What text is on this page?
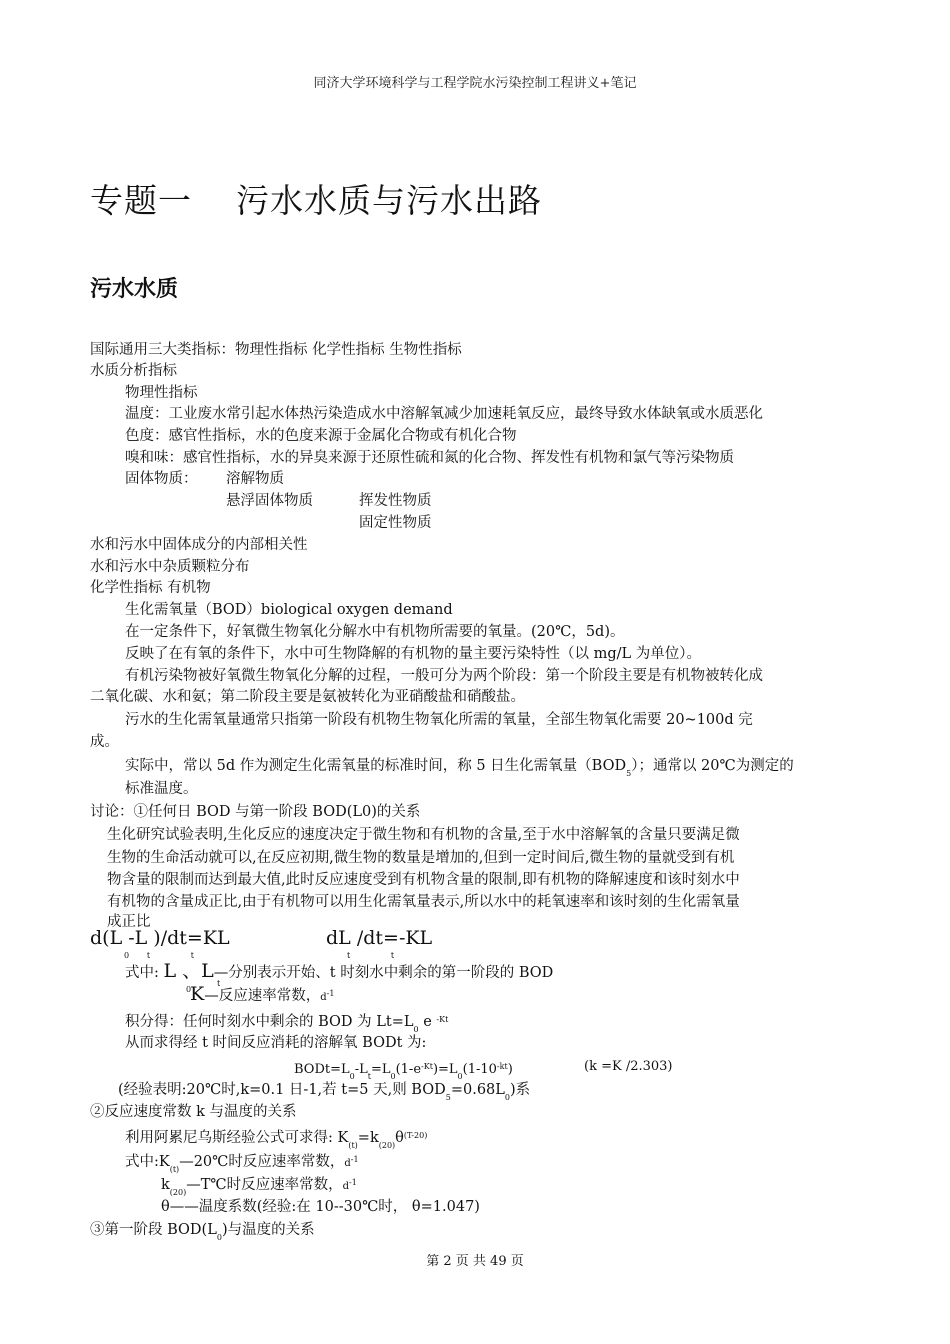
同济大学环境科学与工程学院水污染控制工程讲义+笔记
专题一 污水水质与污水出路
污水水质
国际通用三大类指标：物理性指标 化学性指标 生物性指标
水质分析指标
物理性指标
温度：工业废水常引起水体热污染造成水中溶解氧减少加速耗氧反应，最终导致水体缺氧或水质恶化
色度：感官性指标，水的色度来源于金属化合物或有机化合物
嗅和味：感官性指标，水的异臭来源于还原性硫和氮的化合物、挥发性有机物和氯气等污染物质
固体物质： 溶解物质
悬浮固体物质	挥发性物质
固定性物质
水和污水中固体成分的内部相关性
水和污水中杂质颗粒分布
化学性指标 有机物
生化需氧量（BOD）biological oxygen demand
在一定条件下，好氧微生物氧化分解水中有机物所需要的氧量。(20℃，5d)。
反映了在有氧的条件下，水中可生物降解的有机物的量主要污染特性（以 mg/L 为单位）。
有机污染物被好氧微生物氧化分解的过程，一般可分为两个阶段：第一个阶段主要是有机物被转化成
二氧化碳、水和氨；第二阶段主要是氨被转化为亚硝酸盐和硝酸盐。
污水的生化需氧量通常只指第一阶段有机物生物氧化所需的氧量，全部生物氧化需要 20~100d 完
成。
实际中，常以 5d 作为测定生化需氧量的标准时间，称 5 日生化需氧量$(BOD_5)$；通常以 20℃为测定的
标准温度。
讨论：①任何日 BOD 与第一阶段 BOD(L0)的关系
生化研究试验表明,生化反应的速度决定于微生物和有机物的含量,至于水中溶解氧的含量只要满足微
生物的生命活动就可以,在反应初期,微生物的数量是增加的,但到一定时间后,微生物的量就受到有机
物含量的限制而达到最大值,此时反应速度受到有机物含量的限制,即有机物的降解速度和该时刻水中
有机物的含量成正比,由于有机物可以用生化需氧量表示,所以水中的耗氧速率和该时刻的生化需氧量
成正比
d(L -L )/dt=KL
0       t                t
dL /dt=-KL
t                t
式中: L 、L—分别表示开始、t 时刻水中剩余的第一阶段的 BOD
0
t
K—反应速率常数，$d^{-1}$
积分得：任何时刻水中剩余的 BOD 为 $Lt=L_0$ e $^{-Kt}$
从而求得经 t 时间反应消耗的溶解氧 BODt 为:
$BODt=L_0-L_t=L_0(1-e^{-Kt})=L_0(1-10^{-kt})$	(k =K /2.303)
(经验表明:20℃时,k=0.1 日-1,若 t=5 天,则 $BOD_5=0.68L_0$)系
②反应速度常数 k 与温度的关系
利用阿累尼乌斯经验公式可求得: $K_{(t)}=k_{(20)}\theta^{(T-20)}$
式中$:K_{(t)}—20℃$时反应速率常数，$d^{-1}$
$k_{(20)}—T℃$时反应速率常数，$d^{-1}$
θ——温度系数(经验:在 10--30℃时， θ=1.047)
③第一阶段 $BOD(L_0)$与温度的关系
第 2 页 共 49 页
